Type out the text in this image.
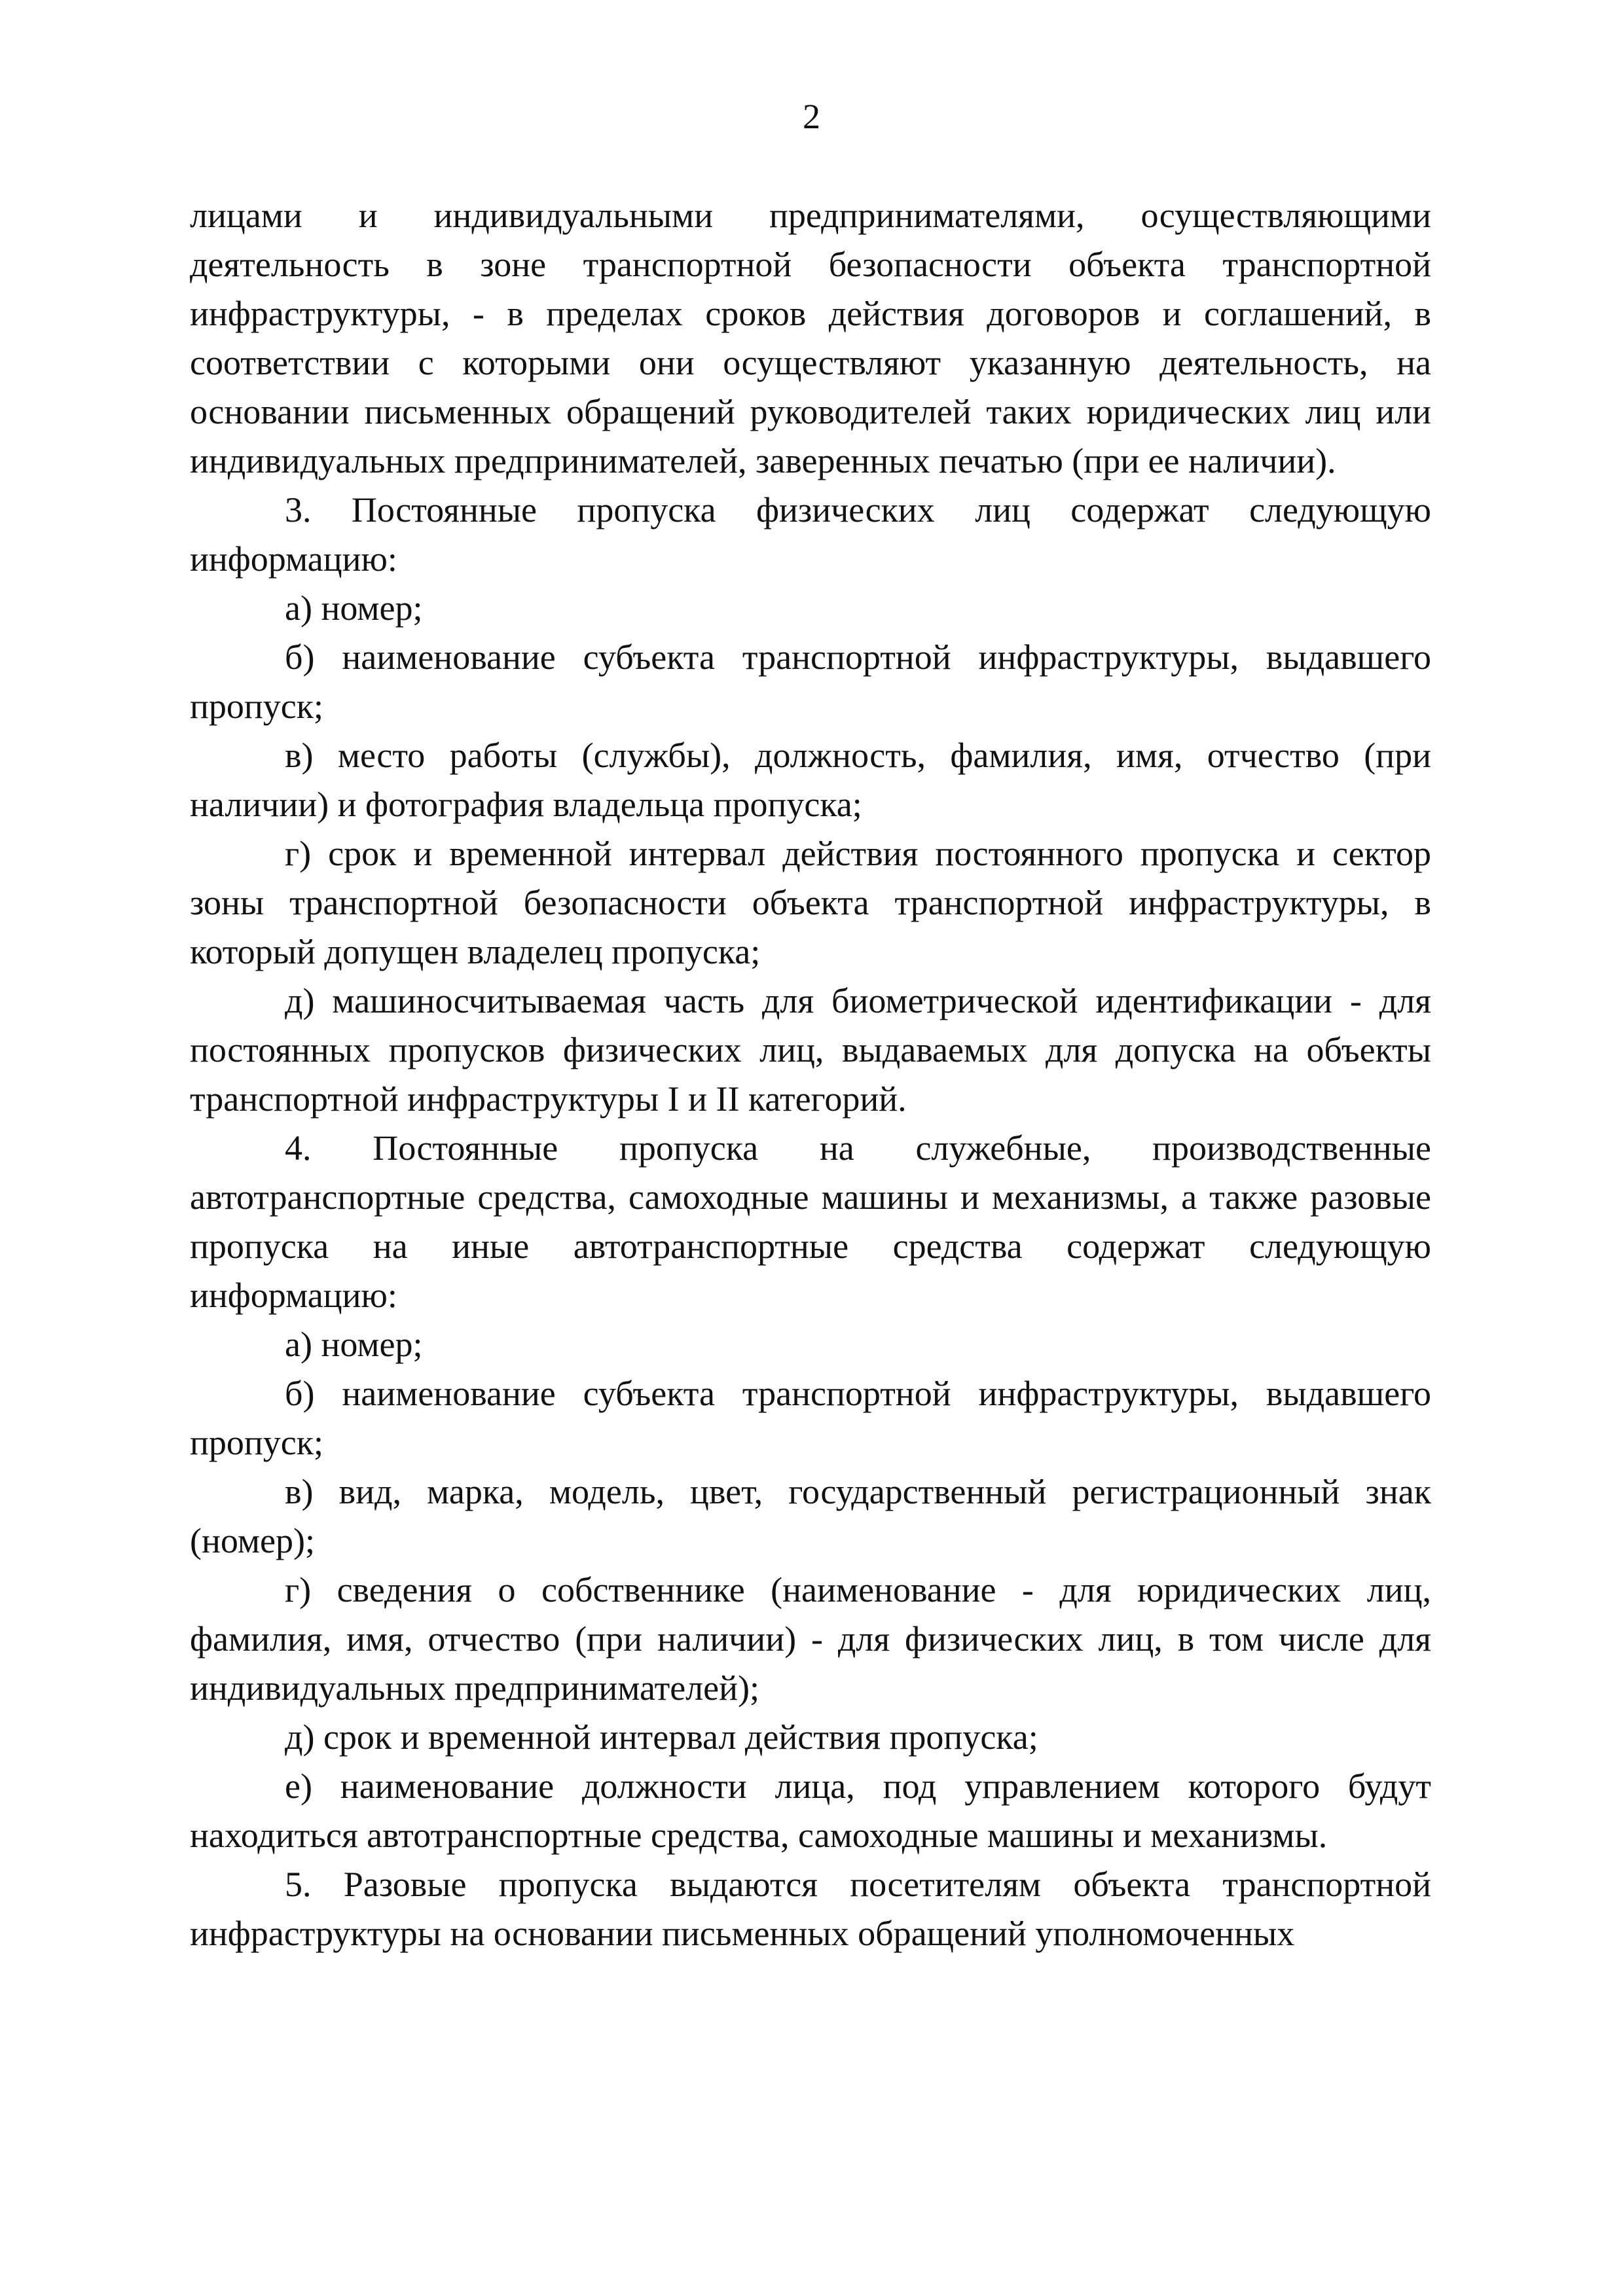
2

лицами и индивидуальными предпринимателями, осуществляющими деятельность в зоне транспортной безопасности объекта транспортной инфраструктуры, - в пределах сроков действия договоров и соглашений, в соответствии с которыми они осуществляют указанную деятельность, на основании письменных обращений руководителей таких юридических лиц или индивидуальных предпринимателей, заверенных печатью (при ее наличии).

3. Постоянные пропуска физических лиц содержат следующую информацию:

а) номер;

б) наименование субъекта транспортной инфраструктуры, выдавшего пропуск;

в) место работы (службы), должность, фамилия, имя, отчество (при наличии) и фотография владельца пропуска;

г) срок и временной интервал действия постоянного пропуска и сектор зоны транспортной безопасности объекта транспортной инфраструктуры, в который допущен владелец пропуска;

д) машиносчитываемая часть для биометрической идентификации - для постоянных пропусков физических лиц, выдаваемых для допуска на объекты транспортной инфраструктуры I и II категорий.

4. Постоянные пропуска на служебные, производственные автотранспортные средства, самоходные машины и механизмы, а также разовые пропуска на иные автотранспортные средства содержат следующую информацию:

а) номер;

б) наименование субъекта транспортной инфраструктуры, выдавшего пропуск;

в) вид, марка, модель, цвет, государственный регистрационный знак (номер);

г) сведения о собственнике (наименование - для юридических лиц, фамилия, имя, отчество (при наличии) - для физических лиц, в том числе для индивидуальных предпринимателей);

д) срок и временной интервал действия пропуска;

е) наименование должности лица, под управлением которого будут находиться автотранспортные средства, самоходные машины и механизмы.

5. Разовые пропуска выдаются посетителям объекта транспортной инфраструктуры на основании письменных обращений уполномоченных
